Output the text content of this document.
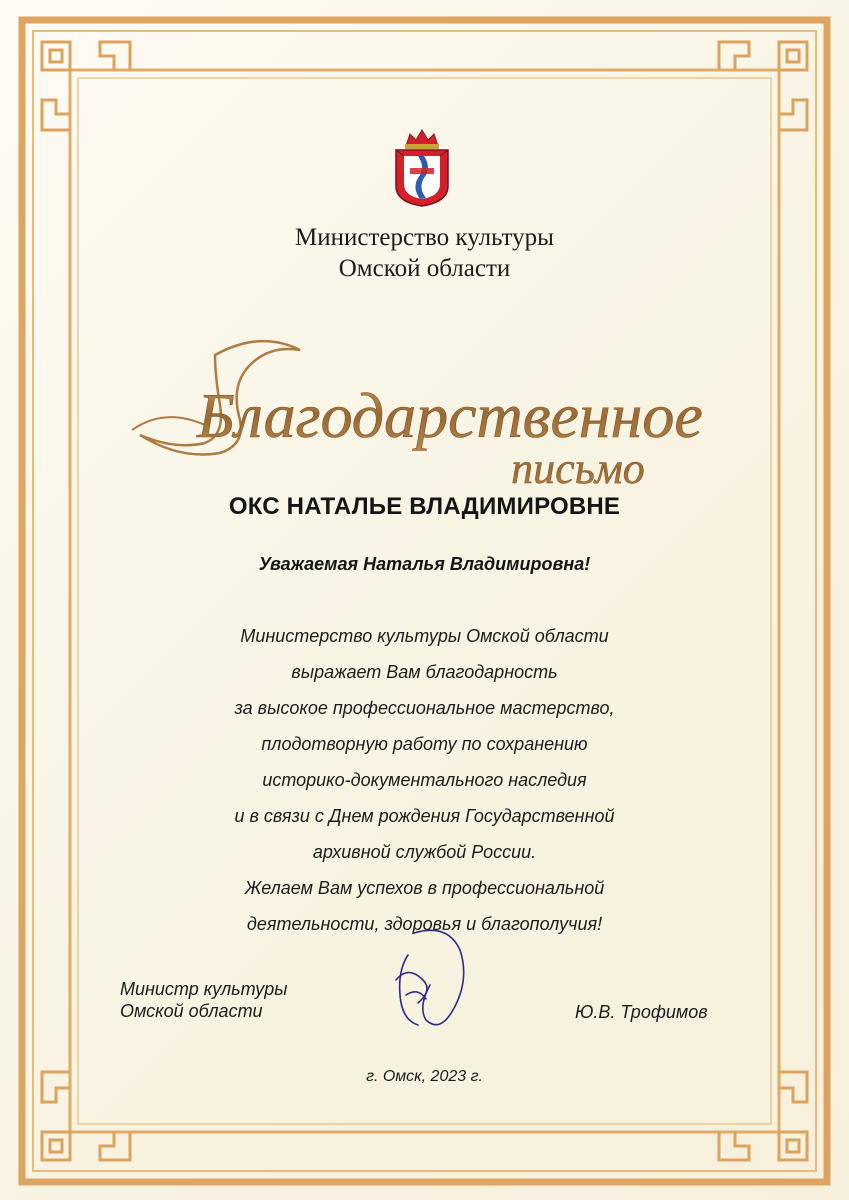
Министерство культуры
Омской области
Благодарственное
письмо
ОКС НАТАЛЬЕ ВЛАДИМИРОВНЕ
Уважаемая Наталья Владимировна!
Министерство культуры Омской области
выражает Вам благодарность
за высокое профессиональное мастерство,
плодотворную работу по сохранению
историко-документального наследия
и в связи с Днем рождения Государственной
архивной службой России.
Желаем Вам успехов в профессиональной
деятельности, здоровья и благополучия!
Министр культуры
Омской области	Ю.В. Трофимов
г. Омск, 2023 г.
